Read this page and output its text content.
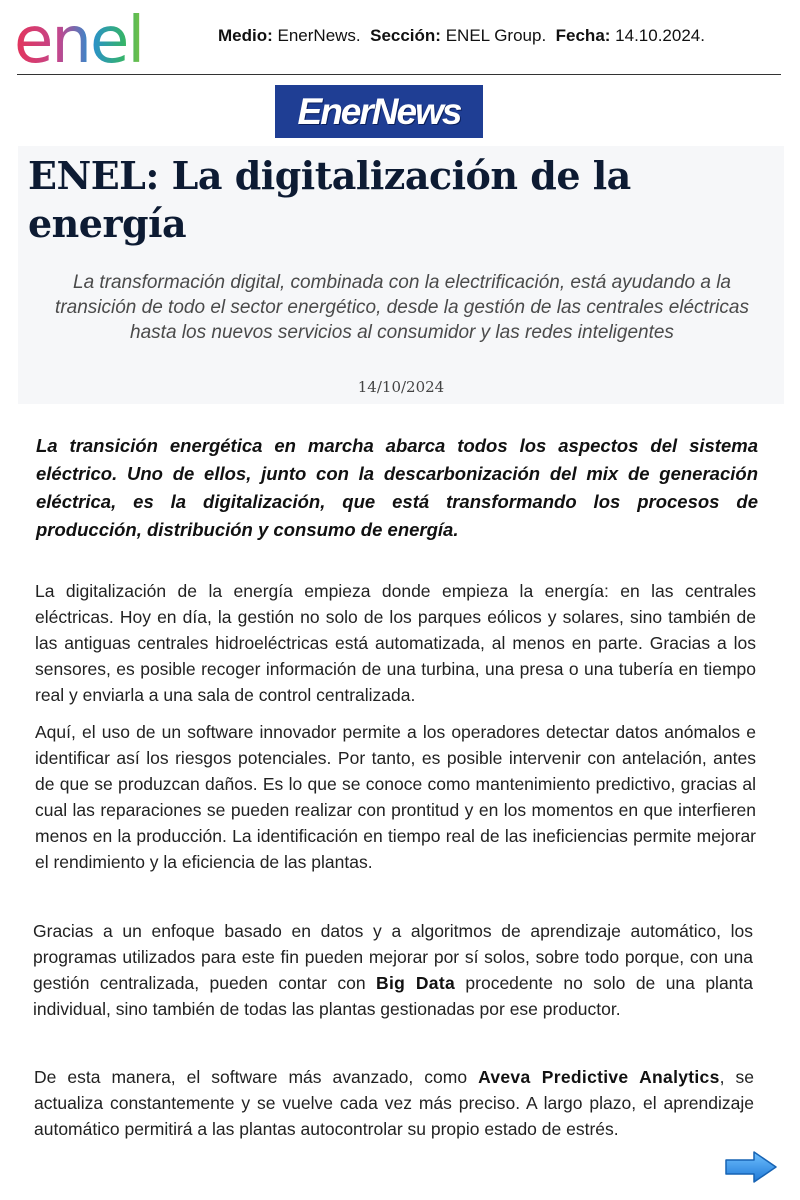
enel	Medio: EnerNews. Sección: ENEL Group. Fecha: 14.10.2024.
EnerNews
ENEL: La digitalización de la energía

La transformación digital, combinada con la electrificación, está ayudando a la transición de todo el sector energético, desde la gestión de las centrales eléctricas hasta los nuevos servicios al consumidor y las redes inteligentes

14/10/2024

La transición energética en marcha abarca todos los aspectos del sistema eléctrico. Uno de ellos, junto con la descarbonización del mix de generación eléctrica, es la digitalización, que está transformando los procesos de producción, distribución y consumo de energía.

La digitalización de la energía empieza donde empieza la energía: en las centrales eléctricas. Hoy en día, la gestión no solo de los parques eólicos y solares, sino también de las antiguas centrales hidroeléctricas está automatizada, al menos en parte. Gracias a los sensores, es posible recoger información de una turbina, una presa o una tubería en tiempo real y enviarla a una sala de control centralizada.

Aquí, el uso de un software innovador permite a los operadores detectar datos anómalos e identificar así los riesgos potenciales. Por tanto, es posible intervenir con antelación, antes de que se produzcan daños. Es lo que se conoce como mantenimiento predictivo, gracias al cual las reparaciones se pueden realizar con prontitud y en los momentos en que interfieren menos en la producción. La identificación en tiempo real de las ineficiencias permite mejorar el rendimiento y la eficiencia de las plantas.

Gracias a un enfoque basado en datos y a algoritmos de aprendizaje automático, los programas utilizados para este fin pueden mejorar por sí solos, sobre todo porque, con una gestión centralizada, pueden contar con Big Data procedente no solo de una planta individual, sino también de todas las plantas gestionadas por ese productor.

De esta manera, el software más avanzado, como Aveva Predictive Analytics, se actualiza constantemente y se vuelve cada vez más preciso. A largo plazo, el aprendizaje automático permitirá a las plantas autocontrolar su propio estado de estrés.
